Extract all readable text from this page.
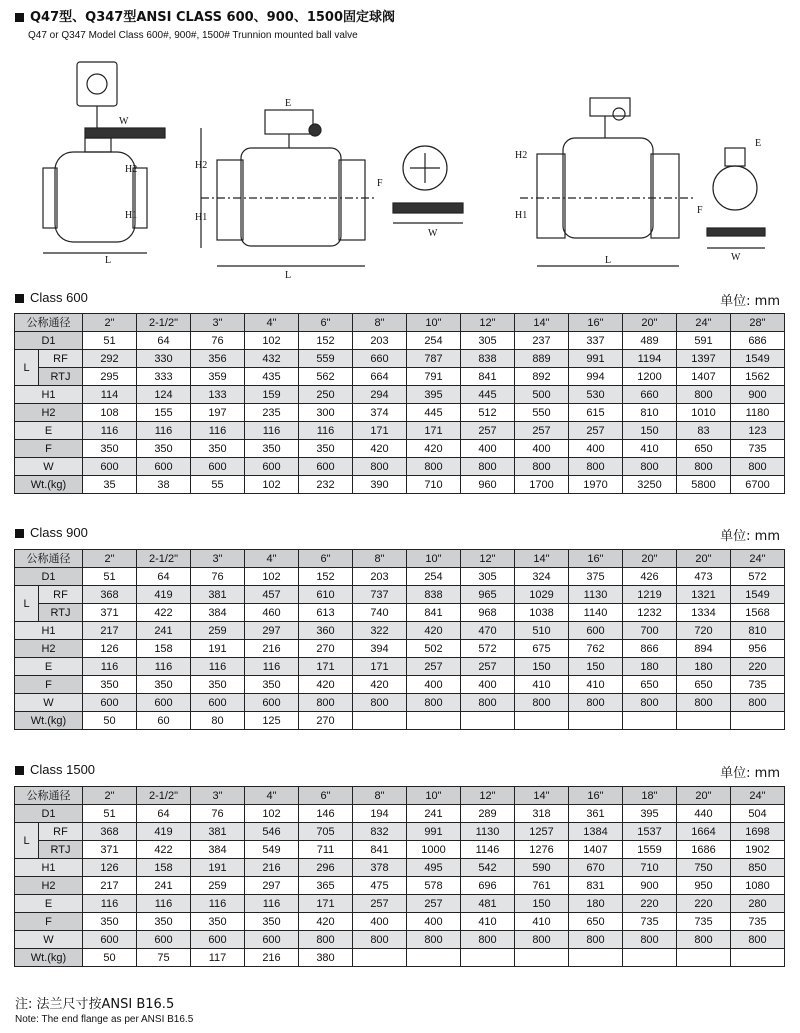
Q47型、Q347型ANSI CLASS 600、900、1500固定球阀
Q47 or Q347 Model Class 600#, 900#, 1500# Trunnion mounted ball valve
H2
H1
L
W
H2
H1
E
L
F
W
H2
H1
L
E
F
W
Class 600	单位: mm
公称通径		2"	2-1/2"	3"	4"	6"	8"	10"	12"	14"	16"	20"	24"	28"
D1		51	64	76	102	152	203	254	305	237	337	489	591	686
L	RF	292	330	356	432	559	660	787	838	889	991	1194	1397	1549
	RTJ	295	333	359	435	562	664	791	841	892	994	1200	1407	1562
H1		114	124	133	159	250	294	395	445	500	530	660	800	900
H2		108	155	197	235	300	374	445	512	550	615	810	1010	1180
E		116	116	116	116	116	171	171	257	257	257	150	83	123
F		350	350	350	350	350	420	420	400	400	400	410	650	735
W		600	600	600	600	600	800	800	800	800	800	800	800	800
Wt.(kg)		35	38	55	102	232	390	710	960	1700	1970	3250	5800	6700
Class 900	单位: mm
公称通径		2"	2-1/2"	3"	4"	6"	8"	10"	12"	14"	16"	20"	20"	24"
D1		51	64	76	102	152	203	254	305	324	375	426	473	572
L	RF	368	419	381	457	610	737	838	965	1029	1130	1219	1321	1549
	RTJ	371	422	384	460	613	740	841	968	1038	1140	1232	1334	1568
H1		217	241	259	297	360	322	420	470	510	600	700	720	810
H2		126	158	191	216	270	394	502	572	675	762	866	894	956
E		116	116	116	116	171	171	257	257	150	150	180	180	220
F		350	350	350	350	420	420	400	400	410	410	650	650	735
W		600	600	600	600	800	800	800	800	800	800	800	800	800
Wt.(kg)		50	60	80	125	270								
Class 1500	单位: mm
公称通径		2"	2-1/2"	3"	4"	6"	8"	10"	12"	14"	16"	18"	20"	24"
D1		51	64	76	102	146	194	241	289	318	361	395	440	504
L	RF	368	419	381	546	705	832	991	1130	1257	1384	1537	1664	1698
	RTJ	371	422	384	549	711	841	1000	1146	1276	1407	1559	1686	1902
H1		126	158	191	216	296	378	495	542	590	670	710	750	850
H2		217	241	259	297	365	475	578	696	761	831	900	950	1080
E		116	116	116	116	171	257	257	481	150	180	220	220	280
F		350	350	350	350	420	400	400	410	410	650	735	735	735
W		600	600	600	600	800	800	800	800	800	800	800	800	800
Wt.(kg)		50	75	117	216	380								
注: 法兰尺寸按ANSI B16.5
Note: The end flange as per ANSI B16.5
